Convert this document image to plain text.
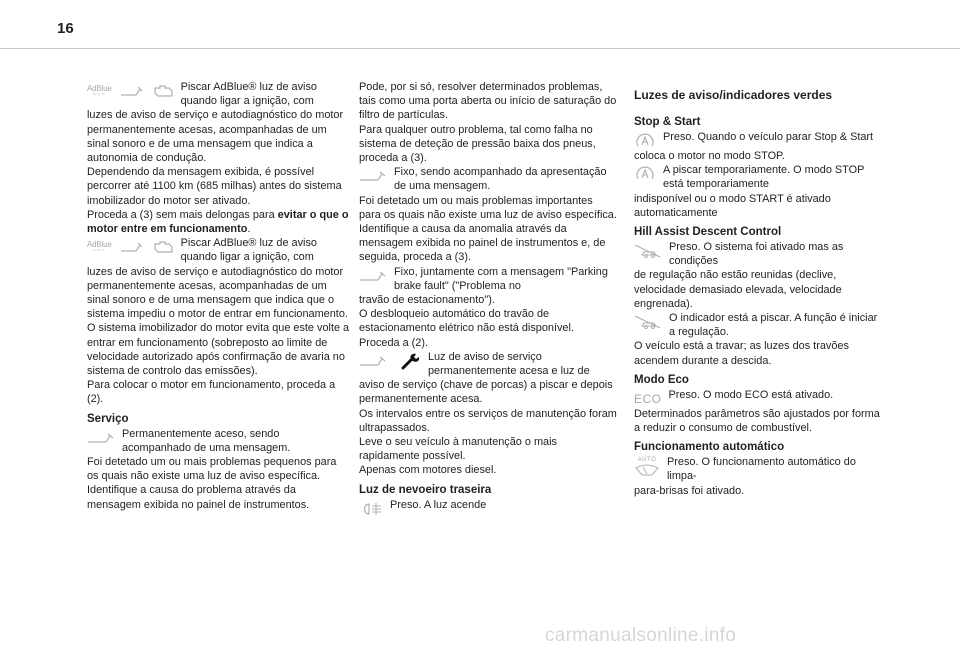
16
AdBlue
~~~
Piscar AdBlue® luz de aviso quando ligar a ignição, com

luzes de aviso de serviço e autodiagnóstico do motor permanentemente acesas, acompanhadas de um sinal sonoro e de uma mensagem que indica a autonomia de condução.

Dependendo da mensagem exibida, é possível percorrer até 1100 km (685 milhas) antes do sistema imobilizador do motor ser ativado.

Proceda a (3) sem mais delongas para evitar o que o motor entre em funcionamento.

AdBlue
~~~
Piscar AdBlue® luz de aviso quando ligar a ignição, com

luzes de aviso de serviço e autodiagnóstico do motor permanentemente acesas, acompanhadas de um sinal sonoro e de uma mensagem que indica que o sistema impediu o motor de entrar em funcionamento.

O sistema imobilizador do motor evita que este volte a entrar em funcionamento (sobreposto ao limite de velocidade autorizado após confirmação de avaria no sistema de controlo das emissões).

Para colocar o motor em funcionamento, proceda a (2).

Serviço
Permanentemente aceso, sendo acompanhado de uma mensagem.

Foi detetado um ou mais problemas pequenos para os quais não existe uma luz de aviso específica.

Identifique a causa do problema através da mensagem exibida no painel de instrumentos.

Pode, por si só, resolver determinados problemas, tais como uma porta aberta ou início de saturação do filtro de partículas.

Para qualquer outro problema, tal como falha no sistema de deteção de pressão baixa dos pneus, proceda a (3).

Fixo, sendo acompanhado da apresentação de uma mensagem.

Foi detetado um ou mais problemas importantes para os quais não existe uma luz de aviso específica.

Identifique a causa da anomalia através da mensagem exibida no painel de instrumentos e, de seguida, proceda a (3).

Fixo, juntamente com a mensagem "Parking brake fault" ("Problema no

travão de estacionamento").

O desbloqueio automático do travão de estacionamento elétrico não está disponível.

Proceda a (2).

Luz de aviso de serviço permanentemente acesa e luz de

aviso de serviço (chave de porcas) a piscar e depois permanentemente acesa.

Os intervalos entre os serviços de manutenção foram ultrapassados.

Leve o seu veículo à manutenção o mais rapidamente possível.

Apenas com motores diesel.

Luz de nevoeiro traseira
Preso. A luz acende
Luzes de aviso/indicadores verdes
Stop & Start
Preso. Quando o veículo parar Stop & Start

coloca o motor no modo STOP.

A piscar temporariamente. O modo STOP está temporariamente

indisponível ou o modo START é ativado automaticamente

Hill Assist Descent Control
Preso. O sistema foi ativado mas as condições

de regulação não estão reunidas (declive, velocidade demasiado elevada, velocidade engrenada).

O indicador está a piscar. A função é iniciar a regulação.

O veículo está a travar; as luzes dos travões acendem durante a descida.

Modo Eco
ECO Preso. O modo ECO está ativado.

Determinados parâmetros são ajustados por forma a reduzir o consumo de combustível.

Funcionamento automático
AUTO Preso. O funcionamento automático do limpa-

para-brisas foi ativado.

carmanualsonline.info
